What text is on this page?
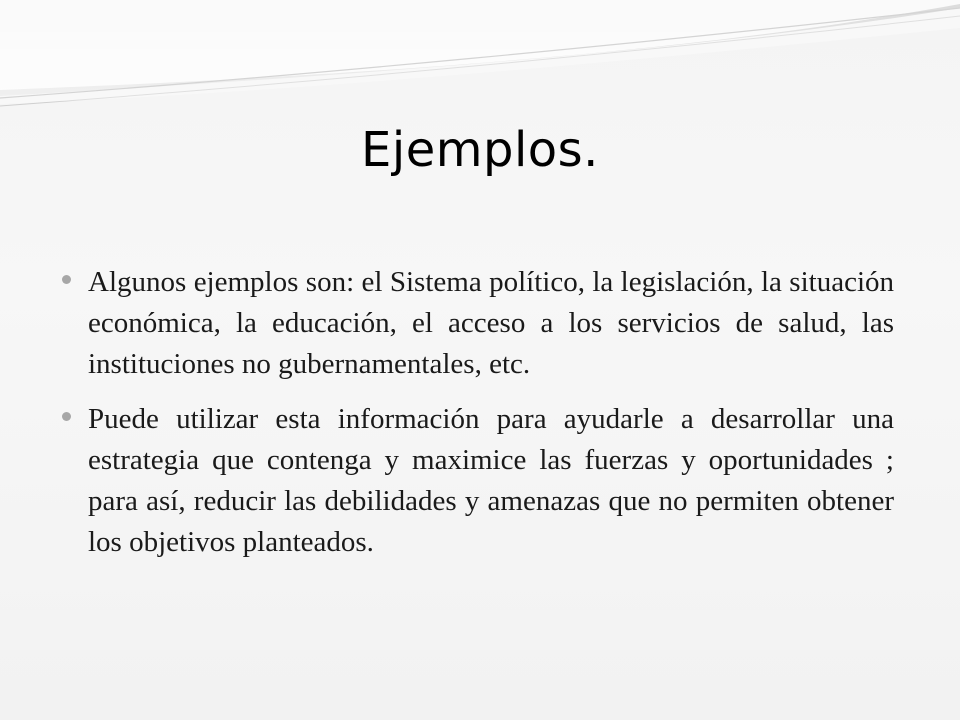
Ejemplos.
Algunos ejemplos son: el Sistema político, la legislación, la situación económica, la educación, el acceso a los servicios de salud, las instituciones no gubernamentales, etc.
Puede utilizar esta información para ayudarle a desarrollar una estrategia que contenga y maximice las fuerzas y oportunidades ; para así, reducir las debilidades y amenazas que no permiten obtener los objetivos planteados.
